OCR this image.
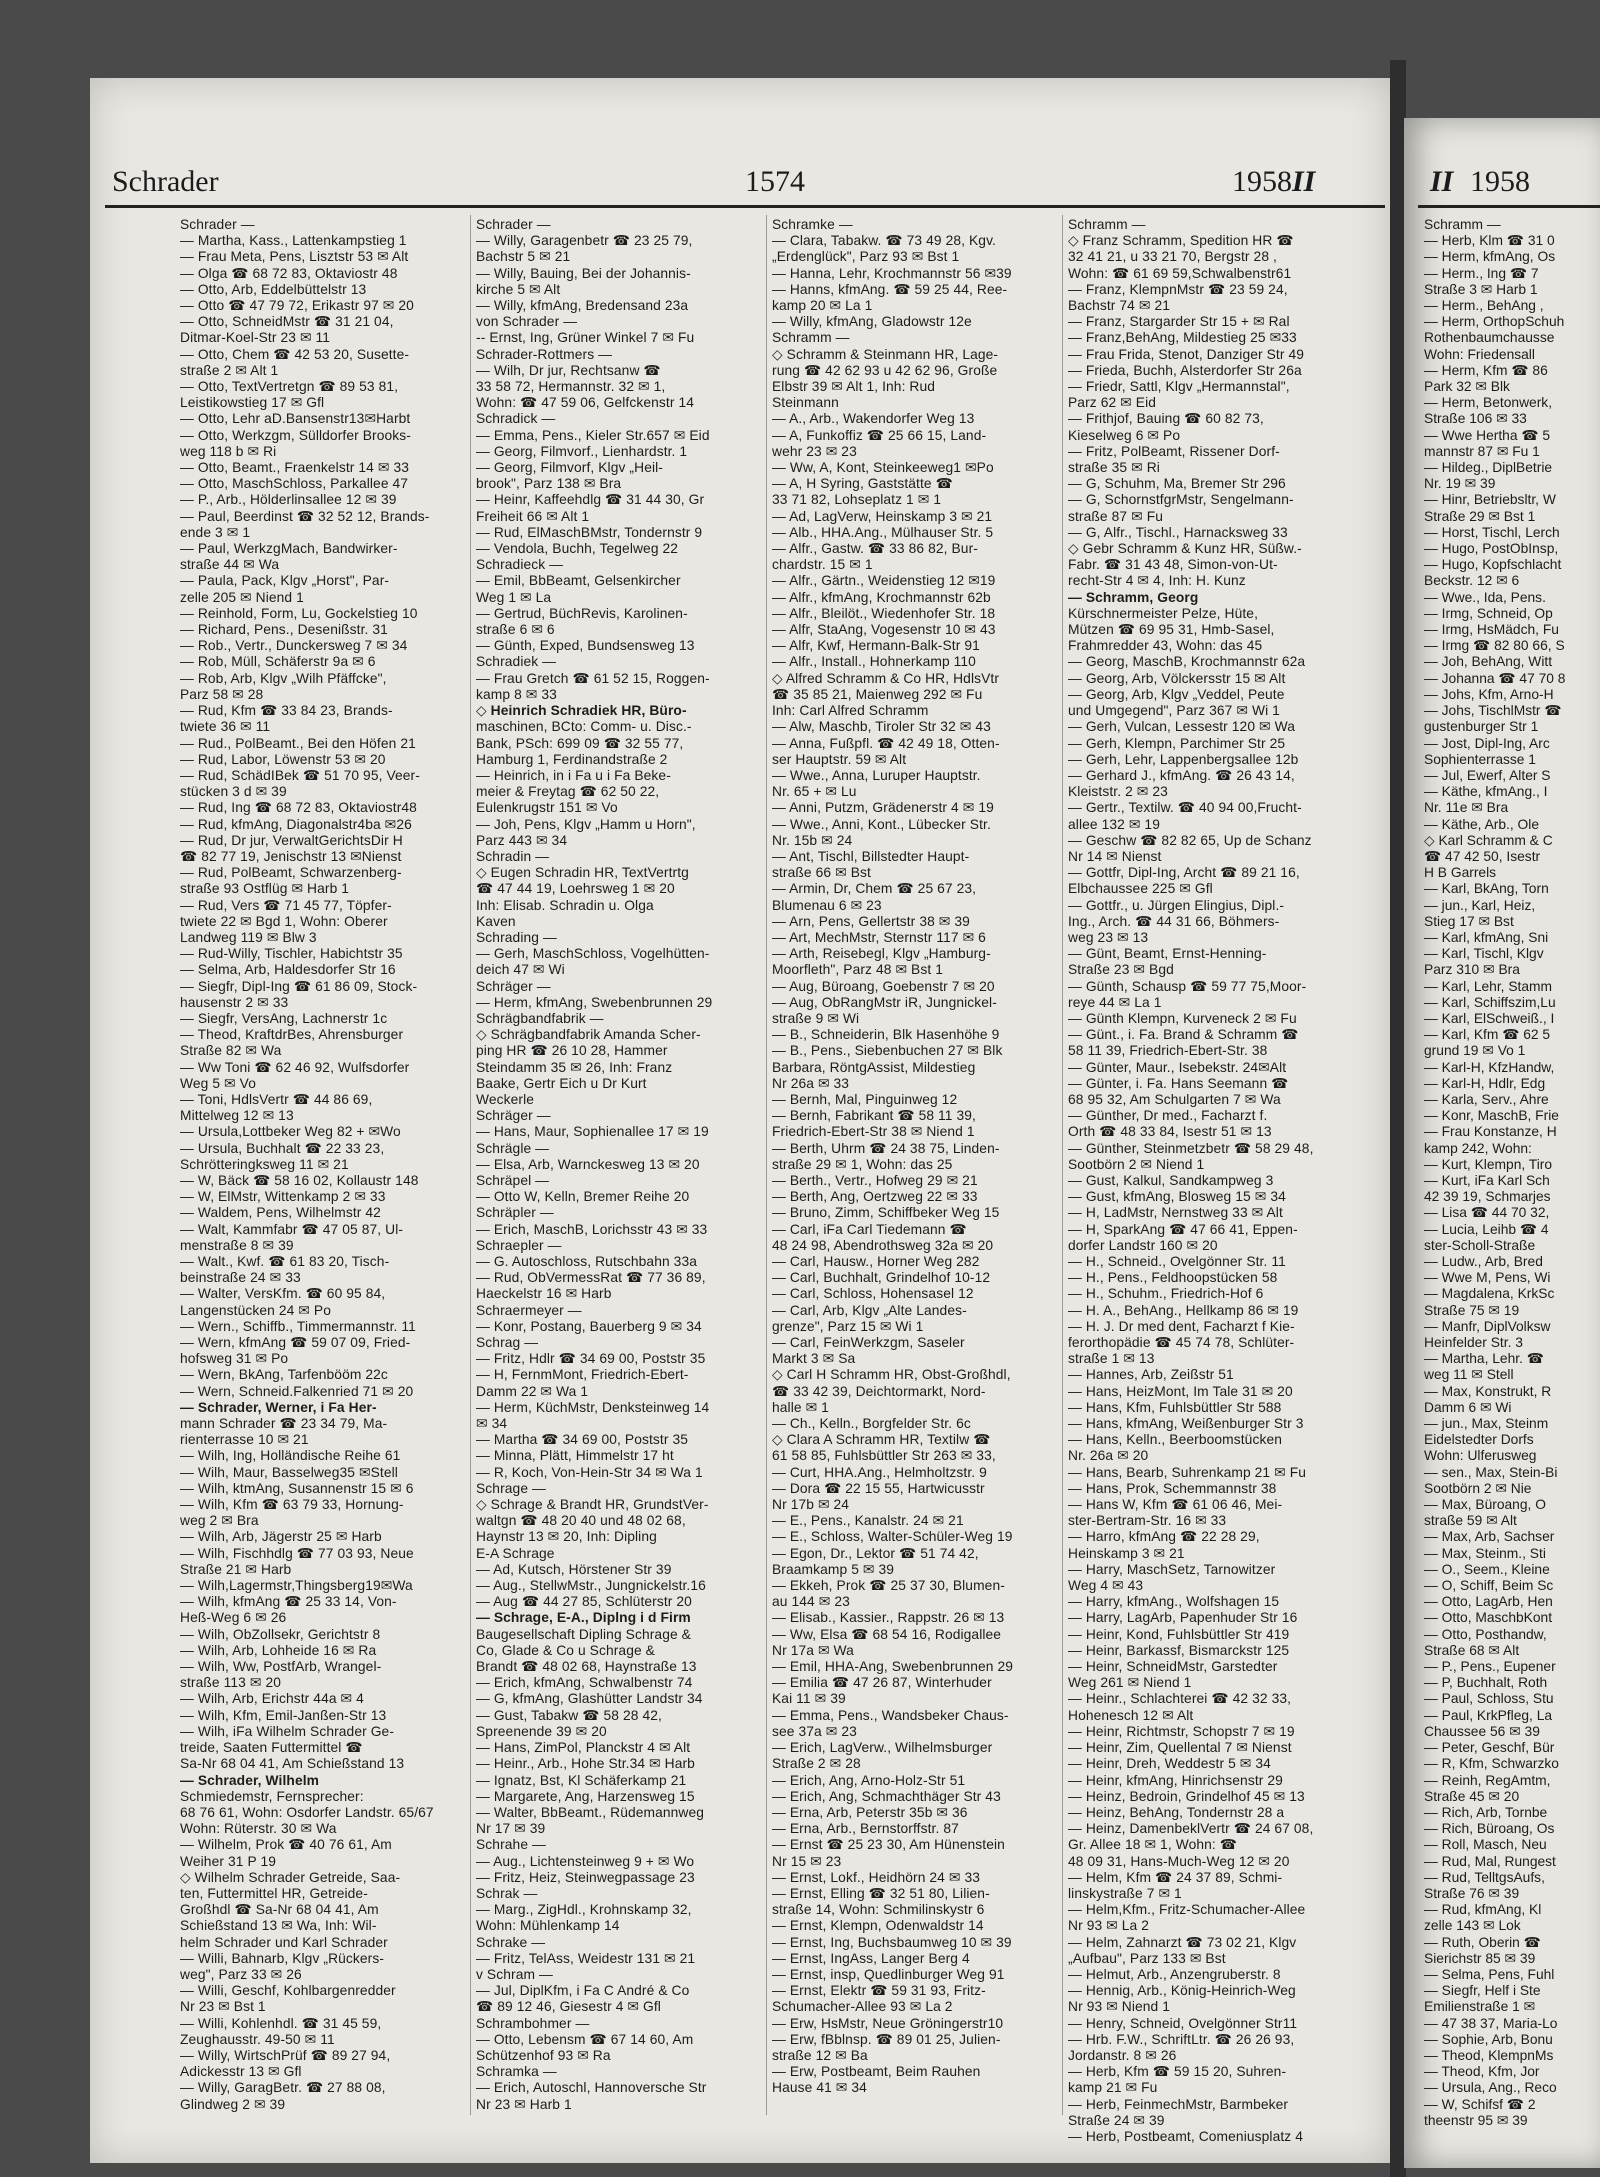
Schrader	1574	1958 II	II 1958

Schrader —

— Martha, Kass., Lattenkampstieg 1

— Frau Meta, Pens, Lisztstr 53 ✉ Alt

— Olga ☎ 68 72 83, Oktaviostr 48

— Otto, Arb, Eddelbüttelstr 13

— Otto ☎ 47 79 72, Erikastr 97 ✉ 20

— Otto, SchneidMstr ☎ 31 21 04,

Ditmar-Koel-Str 23 ✉ 11

— Otto, Chem ☎ 42 53 20, Susette-

straße 2 ✉ Alt 1

— Otto, TextVertretgn ☎ 89 53 81,

Leistikowstieg 17 ✉ Gfl

— Otto, Lehr aD.Bansenstr13✉Harbt

— Otto, Werkzgm, Sülldorfer Brooks-

weg 118 b ✉ Ri

— Otto, Beamt., Fraenkelstr 14 ✉ 33

— Otto, MaschSchloss, Parkallee 47

— P., Arb., Hölderlinsallee 12 ✉ 39

— Paul, Beerdinst ☎ 32 52 12, Brands-

ende 3 ✉ 1

— Paul, WerkzgMach, Bandwirker-

straße 44 ✉ Wa

— Paula, Pack, Klgv „Horst", Par-

zelle 205 ✉ Niend 1

— Reinhold, Form, Lu, Gockelstieg 10

— Richard, Pens., Desenißstr. 31

— Rob., Vertr., Dunckersweg 7 ✉ 34

— Rob, Müll, Schäferstr 9a ✉ 6

— Rob, Arb, Klgv „Wilh Pfäffcke",

Parz 58 ✉ 28

— Rud, Kfm ☎ 33 84 23, Brands-

twiete 36 ✉ 11

— Rud., PolBeamt., Bei den Höfen 21

— Rud, Labor, Löwenstr 53 ✉ 20

— Rud, SchädIBek ☎ 51 70 95, Veer-

stücken 3 d ✉ 39

— Rud, Ing ☎ 68 72 83, Oktaviostr48

— Rud, kfmAng, Diagonalstr4ba ✉26

— Rud, Dr jur, VerwaltGerichtsDir H

☎ 82 77 19, Jenischstr 13 ✉Nienst

— Rud, PolBeamt, Schwarzenberg-

straße 93 Ostflüg ✉ Harb 1

— Rud, Vers ☎ 71 45 77, Töpfer-

twiete 22 ✉ Bgd 1, Wohn: Oberer

Landweg 119 ✉ Blw 3

— Rud-Willy, Tischler, Habichtstr 35

— Selma, Arb, Haldesdorfer Str 16

— Siegfr, Dipl-Ing ☎ 61 86 09, Stock-

hausenstr 2 ✉ 33

— Siegfr, VersAng, Lachnerstr 1c

— Theod, KraftdrBes, Ahrensburger

Straße 82 ✉ Wa

— Ww Toni ☎ 62 46 92, Wulfsdorfer

Weg 5 ✉ Vo

— Toni, HdlsVertr ☎ 44 86 69,

Mittelweg 12 ✉ 13

— Ursula,Lottbeker Weg 82 + ✉Wo

— Ursula, Buchhalt ☎ 22 33 23,

Schrötteringksweg 11 ✉ 21

— W, Bäck ☎ 58 16 02, Kollaustr 148

— W, ElMstr, Wittenkamp 2 ✉ 33

— Waldem, Pens, Wilhelmstr 42

— Walt, Kammfabr ☎ 47 05 87, Ul-

menstraße 8 ✉ 39

— Walt., Kwf. ☎ 61 83 20, Tisch-

beinstraße 24 ✉ 33

— Walter, VersKfm. ☎ 60 95 84,

Langenstücken 24 ✉ Po

— Wern., Schiffb., Timmermannstr. 11

— Wern, kfmAng ☎ 59 07 09, Fried-

hofsweg 31 ✉ Po

— Wern, BkAng, Tarfenbööm 22c

— Wern, Schneid.Falkenried 71 ✉ 20

— Schrader, Werner, i Fa Her-

mann Schrader ☎ 23 34 79, Ma-

rienterrasse 10 ✉ 21

— Wilh, Ing, Holländische Reihe 61

— Wilh, Maur, Basselweg35 ✉Stell

— Wilh, ktmAng, Susannenstr 15 ✉ 6

— Wilh, Kfm ☎ 63 79 33, Hornung-

weg 2 ✉ Bra

— Wilh, Arb, Jägerstr 25 ✉ Harb

— Wilh, Fischhdlg ☎ 77 03 93, Neue

Straße 21 ✉ Harb

— Wilh,Lagermstr,Thingsberg19✉Wa

— Wilh, kfmAng ☎ 25 33 14, Von-

Heß-Weg 6 ✉ 26

— Wilh, ObZollsekr, Gerichtstr 8

— Wilh, Arb, Lohheide 16 ✉ Ra

— Wilh, Ww, PostfArb, Wrangel-

straße 113 ✉ 20

— Wilh, Arb, Erichstr 44a ✉ 4

— Wilh, Kfm, Emil-Janßen-Str 13

— Wilh, iFa Wilhelm Schrader Ge-

treide, Saaten Futtermittel ☎

Sa-Nr 68 04 41, Am Schießstand 13

— Schrader, Wilhelm

Schmiedemstr, Fernsprecher:

68 76 61, Wohn: Osdorfer Landstr. 65/67

Wohn: Rüterstr. 30 ✉ Wa

— Wilhelm, Prok ☎ 40 76 61, Am

Weiher 31 P 19

◇ Wilhelm Schrader Getreide, Saa-

ten, Futtermittel HR, Getreide-

Großhdl ☎ Sa-Nr 68 04 41, Am

Schießstand 13 ✉ Wa, Inh: Wil-

helm Schrader und Karl Schrader

— Willi, Bahnarb, Klgv „Rückers-

weg", Parz 33 ✉ 26

— Willi, Geschf, Kohlbargenredder

Nr 23 ✉ Bst 1

— Willi, Kohlenhdl. ☎ 31 45 59,

Zeughausstr. 49-50 ✉ 11

— Willy, WirtschPrüf ☎ 89 27 94,

Adickesstr 13 ✉ Gfl

— Willy, GaragBetr. ☎ 27 88 08,

Glindweg 2 ✉ 39

Schrader —

— Willy, Garagenbetr ☎ 23 25 79,

Bachstr 5 ✉ 21

— Willy, Bauing, Bei der Johannis-

kirche 5 ✉ Alt

— Willy, kfmAng, Bredensand 23a

von Schrader —

-- Ernst, Ing, Grüner Winkel 7 ✉ Fu

Schrader-Rottmers —

— Wilh, Dr jur, Rechtsanw ☎

33 58 72, Hermannstr. 32 ✉ 1,

Wohn: ☎ 47 59 06, Gelfckenstr 14

Schradick —

— Emma, Pens., Kieler Str.657 ✉ Eid

— Georg, Filmvorf., Lienhardstr. 1

— Georg, Filmvorf, Klgv „Heil-

brook", Parz 138 ✉ Bra

— Heinr, Kaffeehdlg ☎ 31 44 30, Gr

Freiheit 66 ✉ Alt 1

— Rud, ElMaschBMstr, Tondernstr 9

— Vendola, Buchh, Tegelweg 22

Schradieck —

— Emil, BbBeamt, Gelsenkircher

Weg 1 ✉ La

— Gertrud, BüchRevis, Karolinen-

straße 6 ✉ 6

— Günth, Exped, Bundsensweg 13

Schradiek —

— Frau Gretch ☎ 61 52 15, Roggen-

kamp 8 ✉ 33

◇ Heinrich Schradiek HR, Büro-

maschinen, BCto: Comm- u. Disc.-

Bank, PSch: 699 09 ☎ 32 55 77,

Hamburg 1, Ferdinandstraße 2

— Heinrich, in i Fa u i Fa Beke-

meier & Freytag ☎ 62 50 22,

Eulenkrugstr 151 ✉ Vo

— Joh, Pens, Klgv „Hamm u Horn",

Parz 443 ✉ 34

Schradin —

◇ Eugen Schradin HR, TextVertrtg

☎ 47 44 19, Loehrsweg 1 ✉ 20

Inh: Elisab. Schradin u. Olga

Kaven

Schrading —

— Gerh, MaschSchloss, Vogelhütten-

deich 47 ✉ Wi

Schräger —

— Herm, kfmAng, Swebenbrunnen 29

Schrägbandfabrik —

◇ Schrägbandfabrik Amanda Scher-

ping HR ☎ 26 10 28, Hammer

Steindamm 35 ✉ 26, Inh: Franz

Baake, Gertr Eich u Dr Kurt

Weckerle

Schräger —

— Hans, Maur, Sophienallee 17 ✉ 19

Schrägle —

— Elsa, Arb, Warnckesweg 13 ✉ 20

Schräpel —

— Otto W, Kelln, Bremer Reihe 20

Schräpler —

— Erich, MaschB, Lorichsstr 43 ✉ 33

Schraepler —

— G. Autoschloss, Rutschbahn 33a

— Rud, ObVermessRat ☎ 77 36 89,

Haeckelstr 16 ✉ Harb

Schraermeyer —

— Konr, Postang, Bauerberg 9 ✉ 34

Schrag —

— Fritz, Hdlr ☎ 34 69 00, Poststr 35

— H, FernmMont, Friedrich-Ebert-

Damm 22 ✉ Wa 1

— Herm, KüchMstr, Denksteinweg 14

✉ 34

— Martha ☎ 34 69 00, Poststr 35

— Minna, Plätt, Himmelstr 17 ht

— R, Koch, Von-Hein-Str 34 ✉ Wa 1

Schrage —

◇ Schrage & Brandt HR, GrundstVer-

waltgn ☎ 48 20 40 und 48 02 68,

Haynstr 13 ✉ 20, Inh: Dipling

E-A Schrage

— Ad, Kutsch, Hörstener Str 39

— Aug., StellwMstr., Jungnickelstr.16

— Aug ☎ 44 27 85, Schlüterstr 20

— Schrage, E-A., Diplng i d Firm

Baugesellschaft Dipling Schrage &

Co, Glade & Co u Schrage &

Brandt ☎ 48 02 68, Haynstraße 13

— Erich, kfmAng, Schwalbenstr 74

— G, kfmAng, Glashütter Landstr 34

— Gust, Tabakw ☎ 58 28 42,

Spreenende 39 ✉ 20

— Hans, ZimPol, Planckstr 4 ✉ Alt

— Heinr., Arb., Hohe Str.34 ✉ Harb

— Ignatz, Bst, Kl Schäferkamp 21

— Margarete, Ang, Harzensweg 15

— Walter, BbBeamt., Rüdemannweg

Nr 17 ✉ 39

Schrahe —

— Aug., Lichtensteinweg 9 + ✉ Wo

— Fritz, Heiz, Steinwegpassage 23

Schrak —

— Marg., ZigHdl., Krohnskamp 32,

Wohn: Mühlenkamp 14

Schrake —

— Fritz, TelAss, Weidestr 131 ✉ 21

v Schram —

— Jul, DiplKfm, i Fa C André & Co

☎ 89 12 46, Giesestr 4 ✉ Gfl

Schrambohmer —

— Otto, Lebensm ☎ 67 14 60, Am

Schützenhof 93 ✉ Ra

Schramka —

— Erich, Autoschl, Hannoversche Str

Nr 23 ✉ Harb 1

Schramke —

— Clara, Tabakw. ☎ 73 49 28, Kgv.

„Erdenglück", Parz 93 ✉ Bst 1

— Hanna, Lehr, Krochmannstr 56 ✉39

— Hanns, kfmAng. ☎ 59 25 44, Ree-

kamp 20 ✉ La 1

— Willy, kfmAng, Gladowstr 12e

Schramm —

◇ Schramm & Steinmann HR, Lage-

rung ☎ 42 62 93 u 42 62 96, Große

Elbstr 39 ✉ Alt 1, Inh: Rud

Steinmann

— A., Arb., Wakendorfer Weg 13

— A, Funkoffiz ☎ 25 66 15, Land-

wehr 23 ✉ 23

— Ww, A, Kont, Steinkeeweg1 ✉Po

— A, H Syring, Gaststätte ☎

33 71 82, Lohseplatz 1 ✉ 1

— Ad, LagVerw, Heinskamp 3 ✉ 21

— Alb., HHA.Ang., Mülhauser Str. 5

— Alfr., Gastw. ☎ 33 86 82, Bur-

chardstr. 15 ✉ 1

— Alfr., Gärtn., Weidenstieg 12 ✉19

— Alfr., kfmAng, Krochmannstr 62b

— Alfr., Bleilöt., Wiedenhofer Str. 18

— Alfr, StaAng, Vogesenstr 10 ✉ 43

— Alfr, Kwf, Hermann-Balk-Str 91

— Alfr., Install., Hohnerkamp 110

◇ Alfred Schramm & Co HR, HdlsVtr

☎ 35 85 21, Maienweg 292 ✉ Fu

Inh: Carl Alfred Schramm

— Alw, Maschb, Tiroler Str 32 ✉ 43

— Anna, Fußpfl. ☎ 42 49 18, Otten-

ser Hauptstr. 59 ✉ Alt

— Wwe., Anna, Luruper Hauptstr.

Nr. 65 + ✉ Lu

— Anni, Putzm, Grädenerstr 4 ✉ 19

— Wwe., Anni, Kont., Lübecker Str.

Nr. 15b ✉ 24

— Ant, Tischl, Billstedter Haupt-

straße 66 ✉ Bst

— Armin, Dr, Chem ☎ 25 67 23,

Blumenau 6 ✉ 23

— Arn, Pens, Gellertstr 38 ✉ 39

— Art, MechMstr, Sternstr 117 ✉ 6

— Arth, Reisebegl, Klgv „Hamburg-

Moorfleth", Parz 48 ✉ Bst 1

— Aug, Büroang, Goebenstr 7 ✉ 20

— Aug, ObRangMstr iR, Jungnickel-

straße 9 ✉ Wi

— B., Schneiderin, Blk Hasenhöhe 9

— B., Pens., Siebenbuchen 27 ✉ Blk

Barbara, RöntgAssist, Mildestieg

Nr 26a ✉ 33

— Bernh, Mal, Pinguinweg 12

— Bernh, Fabrikant ☎ 58 11 39,

Friedrich-Ebert-Str 38 ✉ Niend 1

— Berth, Uhrm ☎ 24 38 75, Linden-

straße 29 ✉ 1, Wohn: das 25

— Berth., Vertr., Hofweg 29 ✉ 21

— Berth, Ang, Oertzweg 22 ✉ 33

— Bruno, Zimm, Schiffbeker Weg 15

— Carl, iFa Carl Tiedemann ☎

48 24 98, Abendrothsweg 32a ✉ 20

— Carl, Hausw., Horner Weg 282

— Carl, Buchhalt, Grindelhof 10-12

— Carl, Schloss, Hohensasel 12

— Carl, Arb, Klgv „Alte Landes-

grenze", Parz 15 ✉ Wi 1

— Carl, FeinWerkzgm, Saseler

Markt 3 ✉ Sa

◇ Carl H Schramm HR, Obst-Großhdl,

☎ 33 42 39, Deichtormarkt, Nord-

halle ✉ 1

— Ch., Kelln., Borgfelder Str. 6c

◇ Clara A Schramm HR, Textilw ☎

61 58 85, Fuhlsbüttler Str 263 ✉ 33,

— Curt, HHA.Ang., Helmholtzstr. 9

— Dora ☎ 22 15 55, Hartwicusstr

Nr 17b ✉ 24

— E., Pens., Kanalstr. 24 ✉ 21

— E., Schloss, Walter-Schüler-Weg 19

— Egon, Dr., Lektor ☎ 51 74 42,

Braamkamp 5 ✉ 39

— Ekkeh, Prok ☎ 25 37 30, Blumen-

au 144 ✉ 23

— Elisab., Kassier., Rappstr. 26 ✉ 13

— Ww, Elsa ☎ 68 54 16, Rodigallee

Nr 17a ✉ Wa

— Emil, HHA-Ang, Swebenbrunnen 29

— Emilia ☎ 47 26 87, Winterhuder

Kai 11 ✉ 39

— Emma, Pens., Wandsbeker Chaus-

see 37a ✉ 23

— Erich, LagVerw., Wilhelmsburger

Straße 2 ✉ 28

— Erich, Ang, Arno-Holz-Str 51

— Erich, Ang, Schmachthäger Str 43

— Erna, Arb, Peterstr 35b ✉ 36

— Erna, Arb., Bernstorffstr. 87

— Ernst ☎ 25 23 30, Am Hünenstein

Nr 15 ✉ 23

— Ernst, Lokf., Heidhörn 24 ✉ 33

— Ernst, Elling ☎ 32 51 80, Lilien-

straße 14, Wohn: Schmilinskystr 6

— Ernst, Klempn, Odenwaldstr 14

— Ernst, Ing, Buchsbaumweg 10 ✉ 39

— Ernst, IngAss, Langer Berg 4

— Ernst, insp, Quedlinburger Weg 91

— Ernst, Elektr ☎ 59 31 93, Fritz-

Schumacher-Allee 93 ✉ La 2

— Erw, HsMstr, Neue Gröningerstr10

— Erw, fBblnsp. ☎ 89 01 25, Julien-

straße 12 ✉ Ba

— Erw, Postbeamt, Beim Rauhen

Hause 41 ✉ 34

Schramm —

◇ Franz Schramm, Spedition HR ☎

32 41 21, u 33 21 70, Bergstr 28 ,

Wohn: ☎ 61 69 59,Schwalbenstr61

— Franz, KlempnMstr ☎ 23 59 24,

Bachstr 74 ✉ 21

— Franz, Stargarder Str 15 + ✉ Ral

— Franz,BehAng, Mildestieg 25 ✉33

— Frau Frida, Stenot, Danziger Str 49

— Frieda, Buchh, Alsterdorfer Str 26a

— Friedr, Sattl, Klgv „Hermannstal",

Parz 62 ✉ Eid

— Frithjof, Bauing ☎ 60 82 73,

Kieselweg 6 ✉ Po

— Fritz, PolBeamt, Rissener Dorf-

straße 35 ✉ Ri

— G, Schuhm, Ma, Bremer Str 296

— G, SchornstfgrMstr, Sengelmann-

straße 87 ✉ Fu

— G, Alfr., Tischl., Harnacksweg 33

◇ Gebr Schramm & Kunz HR, Süßw.-

Fabr. ☎ 31 43 48, Simon-von-Ut-

recht-Str 4 ✉ 4, Inh: H. Kunz

— Schramm, Georg

Kürschnermeister Pelze, Hüte,

Mützen ☎ 69 95 31, Hmb-Sasel,

Frahmredder 43, Wohn: das 45

— Georg, MaschB, Krochmannstr 62a

— Georg, Arb, Völckersstr 15 ✉ Alt

— Georg, Arb, Klgv „Veddel, Peute

und Umgegend", Parz 367 ✉ Wi 1

— Gerh, Vulcan, Lessestr 120 ✉ Wa

— Gerh, Klempn, Parchimer Str 25

— Gerh, Lehr, Lappenbergsallee 12b

— Gerhard J., kfmAng. ☎ 26 43 14,

Kleiststr. 2 ✉ 23

— Gertr., Textilw. ☎ 40 94 00,Frucht-

allee 132 ✉ 19

— Geschw ☎ 82 82 65, Up de Schanz

Nr 14 ✉ Nienst

— Gottfr, Dipl-Ing, Archt ☎ 89 21 16,

Elbchaussee 225 ✉ Gfl

— Gottfr., u. Jürgen Elingius, Dipl.-

Ing., Arch. ☎ 44 31 66, Böhmers-

weg 23 ✉ 13

— Günt, Beamt, Ernst-Henning-

Straße 23 ✉ Bgd

— Günth, Schausp ☎ 59 77 75,Moor-

reye 44 ✉ La 1

— Günth Klempn, Kurveneck 2 ✉ Fu

— Günt., i. Fa. Brand & Schramm ☎

58 11 39, Friedrich-Ebert-Str. 38

— Günter, Maur., Isebekstr. 24✉Alt

— Günter, i. Fa. Hans Seemann ☎

68 95 32, Am Schulgarten 7 ✉ Wa

— Günther, Dr med., Facharzt f.

Orth ☎ 48 33 84, Isestr 51 ✉ 13

— Günther, Steinmetzbetr ☎ 58 29 48,

Sootbörn 2 ✉ Niend 1

— Gust, Kalkul, Sandkampweg 3

— Gust, kfmAng, Blosweg 15 ✉ 34

— H, LadMstr, Nernstweg 33 ✉ Alt

— H, SparkAng ☎ 47 66 41, Eppen-

dorfer Landstr 160 ✉ 20

— H., Schneid., Ovelgönner Str. 11

— H., Pens., Feldhoopstücken 58

— H., Schuhm., Friedrich-Hof 6

— H. A., BehAng., Hellkamp 86 ✉ 19

— H. J. Dr med dent, Facharzt f Kie-

ferorthopädie ☎ 45 74 78, Schlüter-

straße 1 ✉ 13

— Hannes, Arb, Zeißstr 51

— Hans, HeizMont, Im Tale 31 ✉ 20

— Hans, Kfm, Fuhlsbüttler Str 588

— Hans, kfmAng, Weißenburger Str 3

— Hans, Kelln., Beerboomstücken

Nr. 26a ✉ 20

— Hans, Bearb, Suhrenkamp 21 ✉ Fu

— Hans, Prok, Schemmannstr 38

— Hans W, Kfm ☎ 61 06 46, Mei-

ster-Bertram-Str. 16 ✉ 33

— Harro, kfmAng ☎ 22 28 29,

Heinskamp 3 ✉ 21

— Harry, MaschSetz, Tarnowitzer

Weg 4 ✉ 43

— Harry, kfmAng., Wolfshagen 15

— Harry, LagArb, Papenhuder Str 16

— Heinr, Kond, Fuhlsbüttler Str 419

— Heinr, Barkassf, Bismarckstr 125

— Heinr, SchneidMstr, Garstedter

Weg 261 ✉ Niend 1

— Heinr., Schlachterei ☎ 42 32 33,

Hohenesch 12 ✉ Alt

— Heinr, Richtmstr, Schopstr 7 ✉ 19

— Heinr, Zim, Quellental 7 ✉ Nienst

— Heinr, Dreh, Weddestr 5 ✉ 34

— Heinr, kfmAng, Hinrichsenstr 29

— Heinz, Bedroin, Grindelhof 45 ✉ 13

— Heinz, BehAng, Tondernstr 28 a

— Heinz, DamenbeklVertr ☎ 24 67 08,

Gr. Allee 18 ✉ 1, Wohn: ☎

48 09 31, Hans-Much-Weg 12 ✉ 20

— Helm, Kfm ☎ 24 37 89, Schmi-

linskystraße 7 ✉ 1

— Helm,Kfm., Fritz-Schumacher-Allee

Nr 93 ✉ La 2

— Helm, Zahnarzt ☎ 73 02 21, Klgv

„Aufbau", Parz 133 ✉ Bst

— Helmut, Arb., Anzengruberstr. 8

— Hennig, Arb., König-Heinrich-Weg

Nr 93 ✉ Niend 1

— Henry, Schneid, Ovelgönner Str11

— Hrb. F.W., SchriftLtr. ☎ 26 26 93,

Jordanstr. 8 ✉ 26

— Herb, Kfm ☎ 59 15 20, Suhren-

kamp 21 ✉ Fu

— Herb, FeinmechMstr, Barmbeker

Straße 24 ✉ 39

— Herb, Postbeamt, Comeniusplatz 4

Schramm —

— Herb, Klm ☎ 31 0

— Herm, kfmAng, Os

— Herm., Ing ☎ 7

Straße 3 ✉ Harb 1

— Herm., BehAng ,

— Herm, OrthopSchuh

Rothenbaumchausse

Wohn: Friedensall

— Herm, Kfm ☎ 86

Park 32 ✉ Blk

— Herm, Betonwerk,

Straße 106 ✉ 33

— Wwe Hertha ☎ 5

mannstr 87 ✉ Fu 1

— Hildeg., DiplBetrie

Nr. 19 ✉ 39

— Hinr, Betriebsltr, W

Straße 29 ✉ Bst 1

— Horst, Tischl, Lerch

— Hugo, PostObInsp,

— Hugo, Kopfschlacht

Beckstr. 12 ✉ 6

— Wwe., Ida, Pens.

— Irmg, Schneid, Op

— Irmg, HsMädch, Fu

— Irmg ☎ 82 80 66, S

— Joh, BehAng, Witt

— Johanna ☎ 47 70 8

— Johs, Kfm, Arno-H

— Johs, TischlMstr ☎

gustenburger Str 1

— Jost, Dipl-Ing, Arc

Sophienterrasse 1

— Jul, Ewerf, Alter S

— Käthe, kfmAng., I

Nr. 11e ✉ Bra

— Käthe, Arb., Ole

◇ Karl Schramm & C

☎ 47 42 50, Isestr

H B Garrels

— Karl, BkAng, Torn

— jun., Karl, Heiz,

Stieg 17 ✉ Bst

— Karl, kfmAng, Sni

— Karl, Tischl, Klgv

Parz 310 ✉ Bra

— Karl, Lehr, Stamm

— Karl, Schiffszim,Lu

— Karl, ElSchweiß., I

— Karl, Kfm ☎ 62 5

grund 19 ✉ Vo 1

— Karl-H, KfzHandw,

— Karl-H, Hdlr, Edg

— Karla, Serv., Ahre

— Konr, MaschB, Frie

— Frau Konstanze, H

kamp 242, Wohn:

— Kurt, Klempn, Tiro

— Kurt, iFa Karl Sch

42 39 19, Schmarjes

— Lisa ☎ 44 70 32,

— Lucia, Leihb ☎ 4

ster-Scholl-Straße

— Ludw., Arb, Bred

— Wwe M, Pens, Wi

— Magdalena, KrkSc

Straße 75 ✉ 19

— Manfr, DiplVolksw

Heinfelder Str. 3

— Martha, Lehr. ☎

weg 11 ✉ Stell

— Max, Konstrukt, R

Damm 6 ✉ Wi

— jun., Max, Steinm

Eidelstedter Dorfs

Wohn: Ulferusweg

— sen., Max, Stein-Bi

Sootbörn 2 ✉ Nie

— Max, Büroang, O

straße 59 ✉ Alt

— Max, Arb, Sachser

— Max, Steinm., Sti

— O., Seem., Kleine

— O, Schiff, Beim Sc

— Otto, LagArb, Hen

— Otto, MaschbKont

— Otto, Posthandw,

Straße 68 ✉ Alt

— P., Pens., Eupener

— P, Buchhalt, Roth

— Paul, Schloss, Stu

— Paul, KrkPfleg, La

Chaussee 56 ✉ 39

— Peter, Geschf, Bür

— R, Kfm, Schwarzko

— Reinh, RegAmtm,

Straße 45 ✉ 20

— Rich, Arb, Tornbe

— Rich, Büroang, Os

— Roll, Masch, Neu

— Rud, Mal, Rungest

— Rud, TelltgsAufs,

Straße 76 ✉ 39

— Rud, kfmAng, Kl

zelle 143 ✉ Lok

— Ruth, Oberin ☎

Sierichstr 85 ✉ 39

— Selma, Pens, Fuhl

— Siegfr, Helf i Ste

Emilienstraße 1 ✉

— 47 38 37, Maria-Lo

— Sophie, Arb, Bonu

— Theod, KlempnMs

— Theod, Kfm, Jor

— Ursula, Ang., Reco

— W, Schifsf ☎ 2

theenstr 95 ✉ 39
